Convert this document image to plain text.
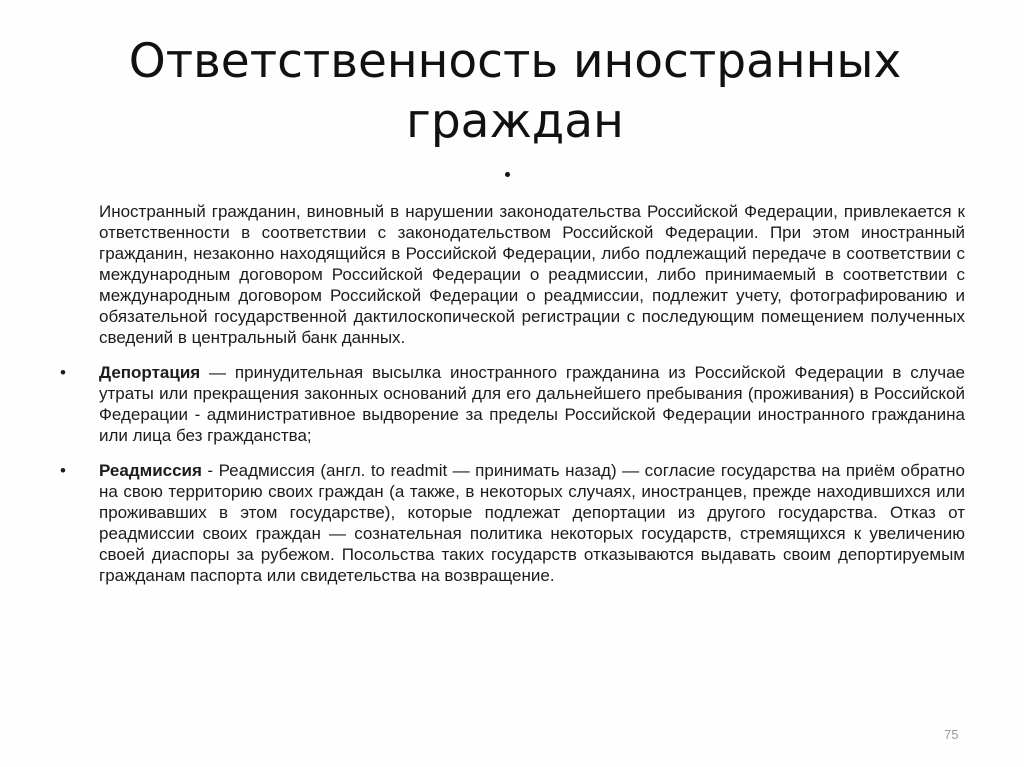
Ответственность иностранных
граждан

Иностранный гражданин, виновный в нарушении законодательства Российской Федерации, привлекается к ответственности в соответствии с законодательством Российской Федерации. При этом иностранный гражданин, незаконно находящийся в Российской Федерации, либо подлежащий передаче в соответствии с международным договором Российской Федерации о реадмиссии, либо принимаемый в соответствии с международным договором Российской Федерации о реадмиссии, подлежит учету, фотографированию и обязательной государственной дактилоскопической регистрации с последующим помещением полученных сведений в центральный банк данных.

• Депортация — принудительная высылка иностранного гражданина из Российской Федерации в случае утраты или прекращения законных оснований для его дальнейшего пребывания (проживания) в Российской Федерации - административное выдворение за пределы Российской Федерации иностранного гражданина или лица без гражданства;

• Реадмиссия - Реадмиссия (англ. to readmit — принимать назад) — согласие государства на приём обратно на свою территорию своих граждан (а также, в некоторых случаях, иностранцев, прежде находившихся или проживавших в этом государстве), которые подлежат депортации из другого государства. Отказ от реадмиссии своих граждан — сознательная политика некоторых государств, стремящихся к увеличению своей диаспоры за рубежом. Посольства таких государств отказываются выдавать своим депортируемым гражданам паспорта или свидетельства на возвращение.

75
